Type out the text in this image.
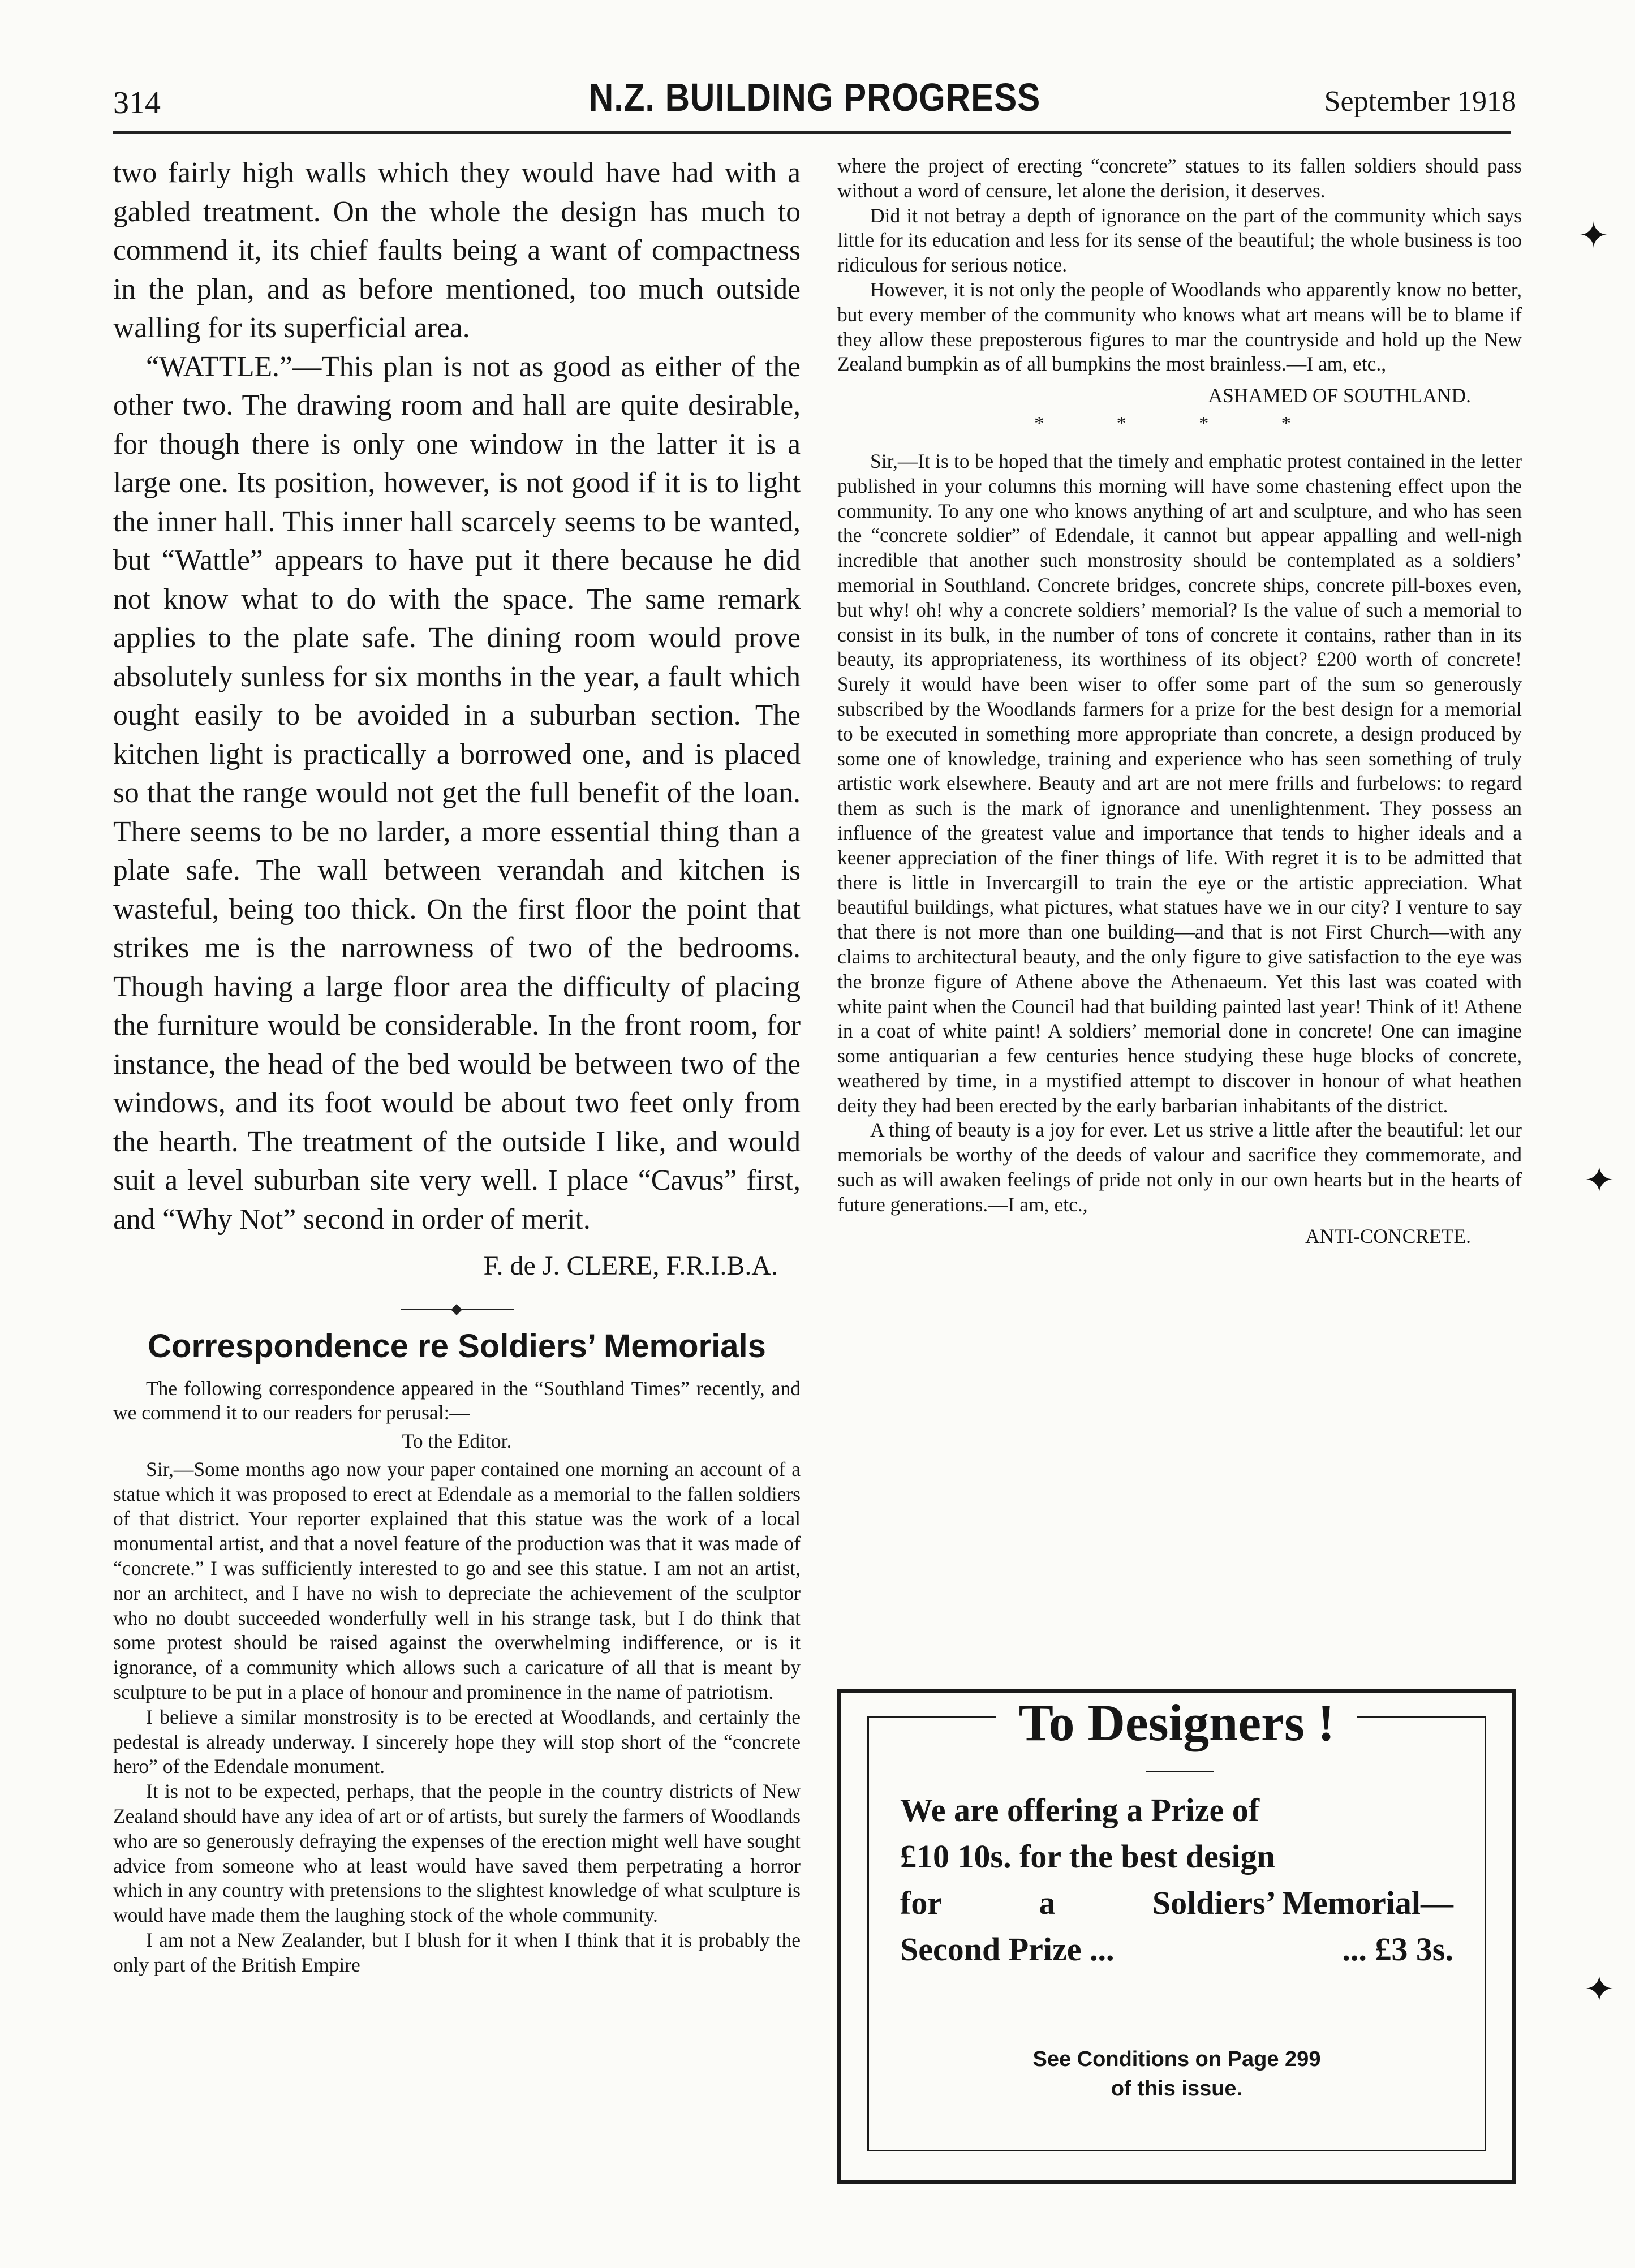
314	N.Z. BUILDING PROGRESS	September 1918

two fairly high walls which they would have had with a gabled treatment. On the whole the design has much to commend it, its chief faults being a want of compactness in the plan, and as before mentioned, too much outside walling for its superficial area.

“WATTLE.”—This plan is not as good as either of the other two. The drawing room and hall are quite desirable, for though there is only one window in the latter it is a large one. Its position, however, is not good if it is to light the inner hall. This inner hall scarcely seems to be wanted, but “Wattle” appears to have put it there because he did not know what to do with the space. The same remark applies to the plate safe. The dining room would prove absolutely sunless for six months in the year, a fault which ought easily to be avoided in a suburban section. The kitchen light is practically a borrowed one, and is placed so that the range would not get the full benefit of the loan. There seems to be no larder, a more essential thing than a plate safe. The wall between verandah and kitchen is wasteful, being too thick. On the first floor the point that strikes me is the narrowness of two of the bedrooms. Though having a large floor area the difficulty of placing the furniture would be considerable. In the front room, for instance, the head of the bed would be between two of the windows, and its foot would be about two feet only from the hearth. The treatment of the outside I like, and would suit a level suburban site very well. I place “Cavus” first, and “Why Not” second in order of merit.

F. de J. CLERE, F.R.I.B.A.

Correspondence re Soldiers’ Memorials

The following correspondence appeared in the “Southland Times” recently, and we commend it to our readers for perusal:—

To the Editor.

Sir,—Some months ago now your paper contained one morning an account of a statue which it was proposed to erect at Edendale as a memorial to the fallen soldiers of that district. Your reporter explained that this statue was the work of a local monumental artist, and that a novel feature of the production was that it was made of “concrete.” I was sufficiently interested to go and see this statue. I am not an artist, nor an architect, and I have no wish to depreciate the achievement of the sculptor who no doubt succeeded wonderfully well in his strange task, but I do think that some protest should be raised against the overwhelming indifference, or is it ignorance, of a community which allows such a caricature of all that is meant by sculpture to be put in a place of honour and prominence in the name of patriotism.

I believe a similar monstrosity is to be erected at Woodlands, and certainly the pedestal is already underway. I sincerely hope they will stop short of the “concrete hero” of the Edendale monument.

It is not to be expected, perhaps, that the people in the country districts of New Zealand should have any idea of art or of artists, but surely the farmers of Woodlands who are so generously defraying the expenses of the erection might well have sought advice from someone who at least would have saved them perpetrating a horror which in any country with pretensions to the slightest knowledge of what sculpture is would have made them the laughing stock of the whole community.

I am not a New Zealander, but I blush for it when I think that it is probably the only part of the British Empire

where the project of erecting “concrete” statues to its fallen soldiers should pass without a word of censure, let alone the derision, it deserves.

Did it not betray a depth of ignorance on the part of the community which says little for its education and less for its sense of the beautiful; the whole business is too ridiculous for serious notice.

However, it is not only the people of Woodlands who apparently know no better, but every member of the community who knows what art means will be to blame if they allow these preposterous figures to mar the countryside and hold up the New Zealand bumpkin as of all bumpkins the most brainless.—I am, etc.,

ASHAMED OF SOUTHLAND.

* * * *

Sir,—It is to be hoped that the timely and emphatic protest contained in the letter published in your columns this morning will have some chastening effect upon the community. To any one who knows anything of art and sculpture, and who has seen the “concrete soldier” of Edendale, it cannot but appear appalling and well-nigh incredible that another such monstrosity should be contemplated as a soldiers’ memorial in Southland. Concrete bridges, concrete ships, concrete pill-boxes even, but why! oh! why a concrete soldiers’ memorial? Is the value of such a memorial to consist in its bulk, in the number of tons of concrete it contains, rather than in its beauty, its appropriateness, its worthiness of its object? £200 worth of concrete! Surely it would have been wiser to offer some part of the sum so generously subscribed by the Woodlands farmers for a prize for the best design for a memorial to be executed in something more appropriate than concrete, a design produced by some one of knowledge, training and experience who has seen something of truly artistic work elsewhere. Beauty and art are not mere frills and furbelows: to regard them as such is the mark of ignorance and unenlightenment. They possess an influence of the greatest value and importance that tends to higher ideals and a keener appreciation of the finer things of life. With regret it is to be admitted that there is little in Invercargill to train the eye or the artistic appreciation. What beautiful buildings, what pictures, what statues have we in our city? I venture to say that there is not more than one building—and that is not First Church—with any claims to architectural beauty, and the only figure to give satisfaction to the eye was the bronze figure of Athene above the Athenaeum. Yet this last was coated with white paint when the Council had that building painted last year! Think of it! Athene in a coat of white paint! A soldiers’ memorial done in concrete! One can imagine some antiquarian a few centuries hence studying these huge blocks of concrete, weathered by time, in a mystified attempt to discover in honour of what heathen deity they had been erected by the early barbarian inhabitants of the district.

A thing of beauty is a joy for ever. Let us strive a little after the beautiful: let our memorials be worthy of the deeds of valour and sacrifice they commemorate, and such as will awaken feelings of pride not only in our own hearts but in the hearts of future generations.—I am, etc.,

ANTI-CONCRETE.

To Designers !
We are offering a Prize of
£10 10s. for the best design
for	a	Soldiers’ Memorial—
Second Prize ...	... £3 3s.
See Conditions on Page 299
of this issue.
✦
✦
✦
